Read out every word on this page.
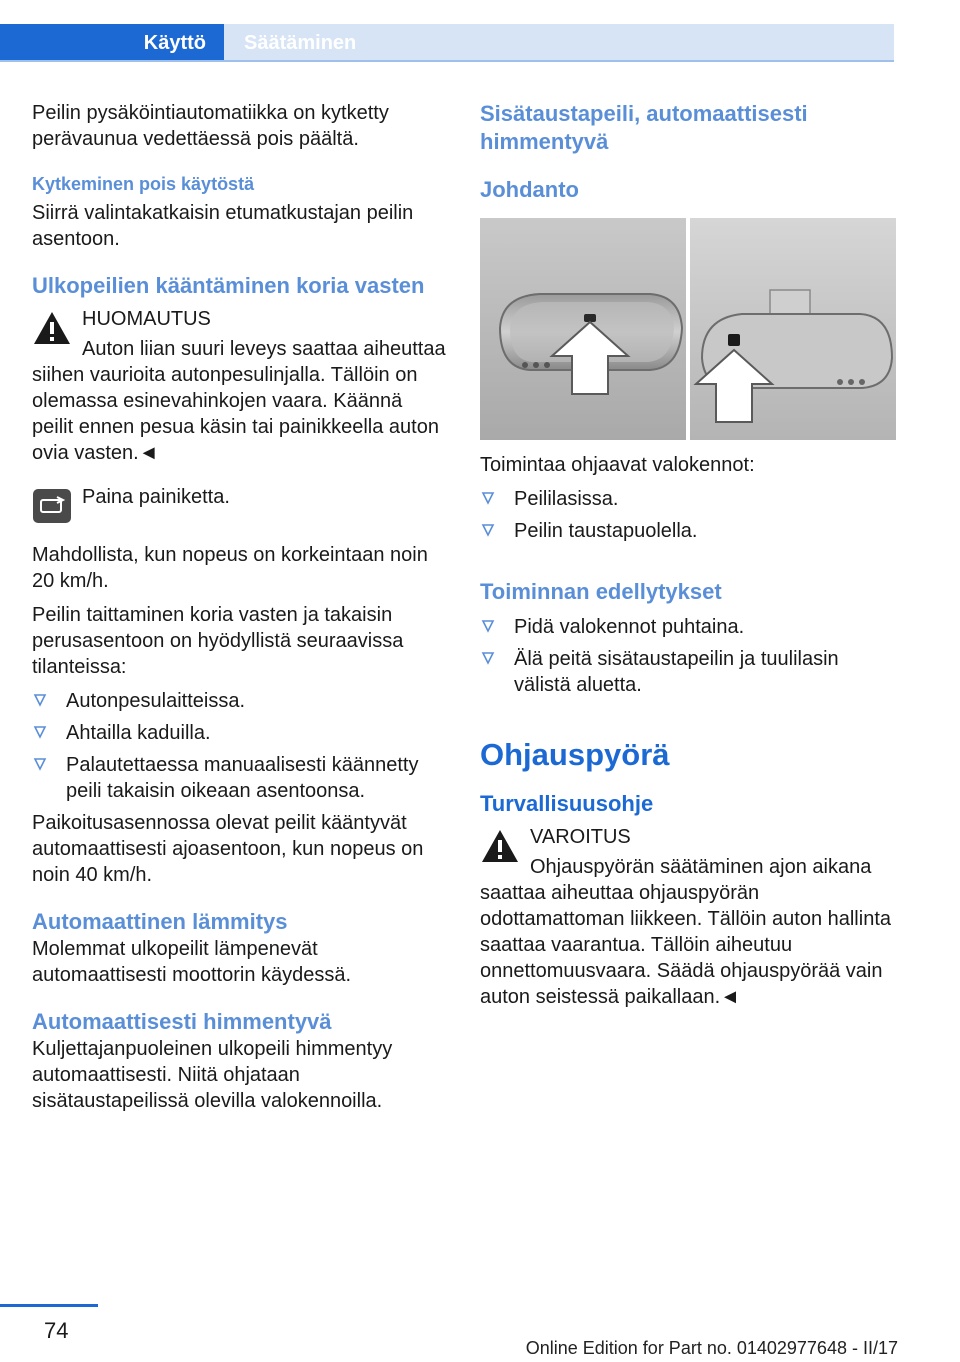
Käyttö	Säätäminen

Peilin pysäköintiautomatiikka on kytketty perävaunua vedettäessä pois päältä.

Kytkeminen pois käytöstä

Siirrä valintakatkaisin etumatkustajan peilin asentoon.

Ulkopeilien kääntäminen koria vasten

HUOMAUTUS

Auton liian suuri leveys saattaa aiheuttaa siihen vaurioita autonpesulinjalla. Tällöin on olemassa esinevahinkojen vaara. Käännä peilit ennen pesua käsin tai painikkeella auton ovia vasten.◄

Paina painiketta.

Mahdollista, kun nopeus on korkeintaan noin 20 km/h.

Peilin taittaminen koria vasten ja takaisin perusasentoon on hyödyllistä seuraavissa tilanteissa:

Autonpesulaitteissa.
Ahtailla kaduilla.
Palautettaessa manuaalisesti käännetty peili takaisin oikeaan asentoonsa.

Paikoitusasennossa olevat peilit kääntyvät automaattisesti ajoasentoon, kun nopeus on noin 40 km/h.

Automaattinen lämmitys

Molemmat ulkopeilit lämpenevät automaattisesti moottorin käydessä.

Automaattisesti himmentyvä

Kuljettajanpuoleinen ulkopeili himmentyy automaattisesti. Niitä ohjataan sisätaustapeilissä olevilla valokennoilla.

Sisätaustapeili, automaattisesti himmentyvä

Johdanto

Toimintaa ohjaavat valokennot:

Peililasissa.
Peilin taustapuolella.

Toiminnan edellytykset

Pidä valokennot puhtaina.
Älä peitä sisätaustapeilin ja tuulilasin välistä aluetta.

Ohjauspyörä

Turvallisuusohje

VAROITUS

Ohjauspyörän säätäminen ajon aikana saattaa aiheuttaa ohjauspyörän odottamattoman liikkeen. Tällöin auton hallinta saattaa vaarantua. Tällöin aiheutuu onnettomuusvaara. Säädä ohjauspyörää vain auton seistessä paikallaan.◄

74
Online Edition for Part no. 01402977648 - II/17
